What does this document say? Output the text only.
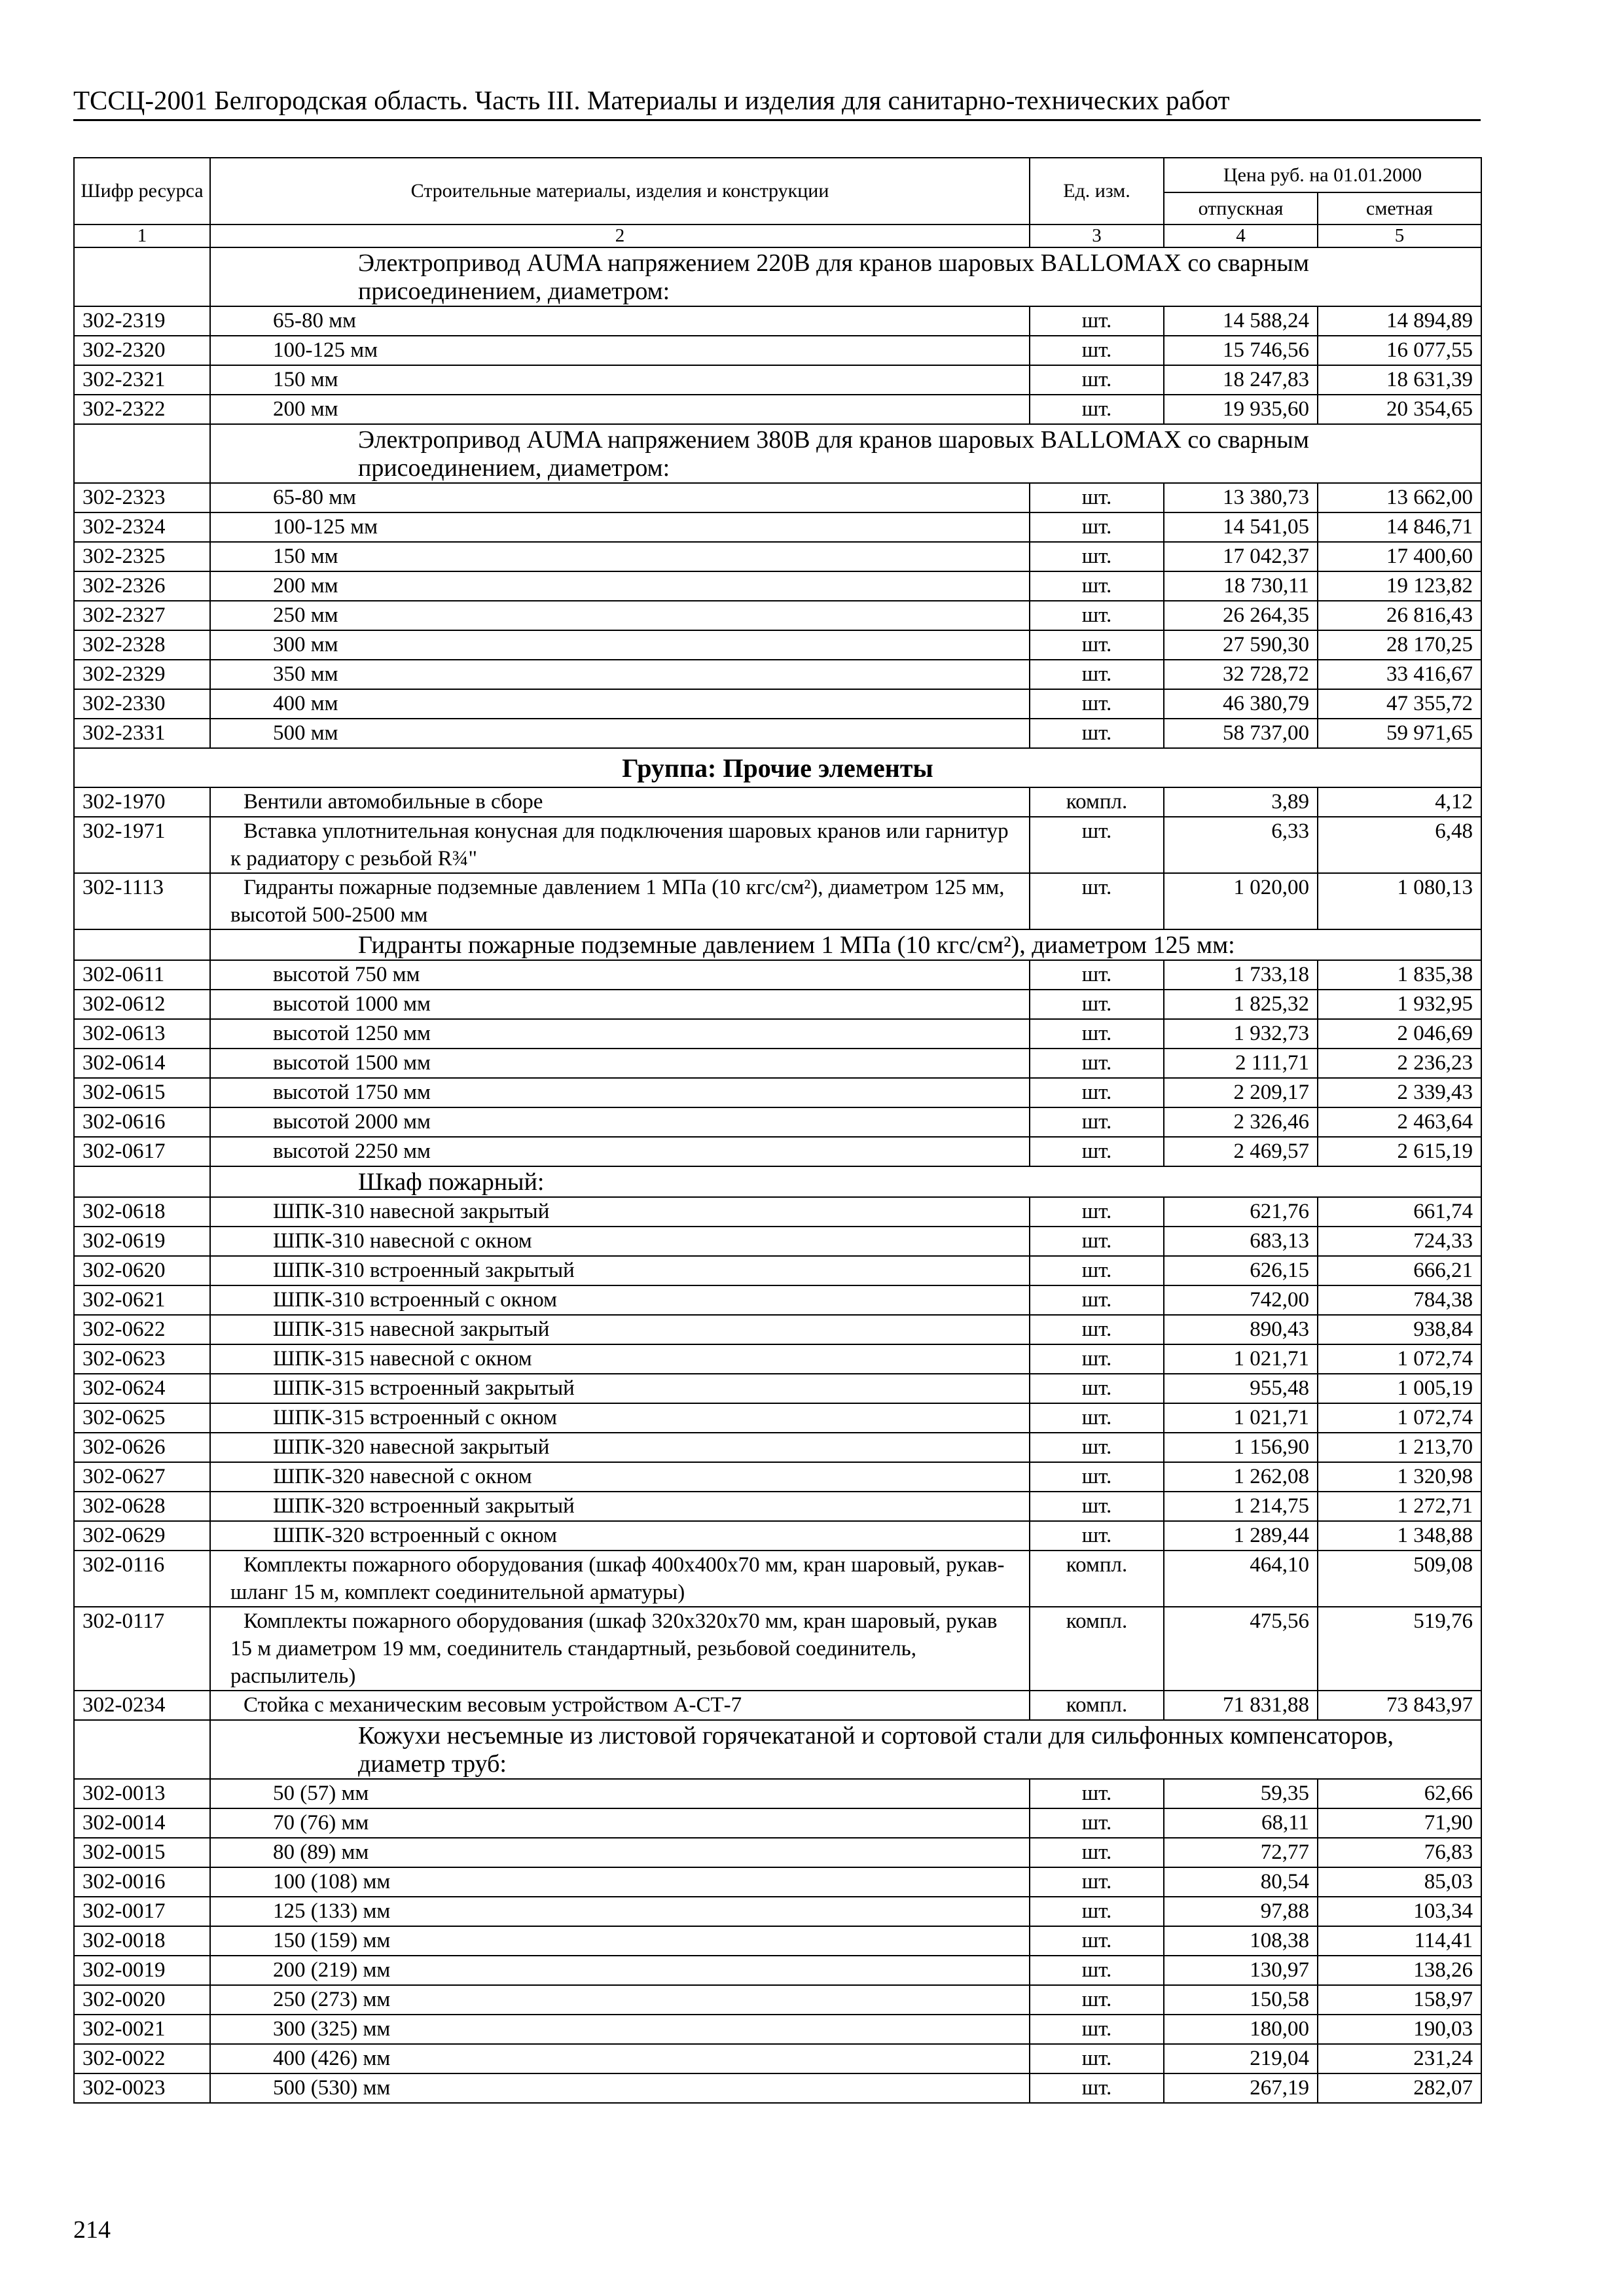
ТССЦ-2001 Белгородская область. Часть III. Материалы и изделия для санитарно-технических работ
Шифр ресурса	Строительные материалы, изделия и конструкции	Ед. изм.	Цена руб. на 01.01.2000	
			отпускная	сметная
1	2	3	4	5
	Электропривод AUMA напряжением 220В для кранов шаровых BALLOMAX со сварным присоединением, диаметром:			
302-2319	65-80 мм	шт.	14 588,24	14 894,89
302-2320	100-125 мм	шт.	15 746,56	16 077,55
302-2321	150 мм	шт.	18 247,83	18 631,39
302-2322	200 мм	шт.	19 935,60	20 354,65
	Электропривод AUMA напряжением 380В для кранов шаровых BALLOMAX со сварным присоединением, диаметром:			
302-2323	65-80 мм	шт.	13 380,73	13 662,00
302-2324	100-125 мм	шт.	14 541,05	14 846,71
302-2325	150 мм	шт.	17 042,37	17 400,60
302-2326	200 мм	шт.	18 730,11	19 123,82
302-2327	250 мм	шт.	26 264,35	26 816,43
302-2328	300 мм	шт.	27 590,30	28 170,25
302-2329	350 мм	шт.	32 728,72	33 416,67
302-2330	400 мм	шт.	46 380,79	47 355,72
302-2331	500 мм	шт.	58 737,00	59 971,65
Группа: Прочие элементы				
302-1970	Вентили автомобильные в сборе	компл.	3,89	4,12
302-1971	Вставка уплотнительная конусная для подключения шаровых кранов или гарнитур к радиатору с резьбой R¾"	шт.	6,33	6,48
302-1113	Гидранты пожарные подземные давлением 1 МПа (10 кгс/см²), диаметром 125 мм, высотой 500-2500 мм	шт.	1 020,00	1 080,13
	Гидранты пожарные подземные давлением 1 МПа (10 кгс/см²), диаметром 125 мм:			
302-0611	высотой 750 мм	шт.	1 733,18	1 835,38
302-0612	высотой 1000 мм	шт.	1 825,32	1 932,95
302-0613	высотой 1250 мм	шт.	1 932,73	2 046,69
302-0614	высотой 1500 мм	шт.	2 111,71	2 236,23
302-0615	высотой 1750 мм	шт.	2 209,17	2 339,43
302-0616	высотой 2000 мм	шт.	2 326,46	2 463,64
302-0617	высотой 2250 мм	шт.	2 469,57	2 615,19
	Шкаф пожарный:			
302-0618	ШПК-310 навесной закрытый	шт.	621,76	661,74
302-0619	ШПК-310 навесной с окном	шт.	683,13	724,33
302-0620	ШПК-310 встроенный закрытый	шт.	626,15	666,21
302-0621	ШПК-310 встроенный с окном	шт.	742,00	784,38
302-0622	ШПК-315 навесной закрытый	шт.	890,43	938,84
302-0623	ШПК-315 навесной с окном	шт.	1 021,71	1 072,74
302-0624	ШПК-315 встроенный закрытый	шт.	955,48	1 005,19
302-0625	ШПК-315 встроенный с окном	шт.	1 021,71	1 072,74
302-0626	ШПК-320 навесной закрытый	шт.	1 156,90	1 213,70
302-0627	ШПК-320 навесной с окном	шт.	1 262,08	1 320,98
302-0628	ШПК-320 встроенный закрытый	шт.	1 214,75	1 272,71
302-0629	ШПК-320 встроенный с окном	шт.	1 289,44	1 348,88
302-0116	Комплекты пожарного оборудования (шкаф 400х400х70 мм, кран шаровый, рукав-шланг 15 м, комплект соединительной арматуры)	компл.	464,10	509,08
302-0117	Комплекты пожарного оборудования (шкаф 320х320х70 мм, кран шаровый, рукав 15 м диаметром 19 мм, соединитель стандартный, резьбовой соединитель, распылитель)	компл.	475,56	519,76
302-0234	Стойка с механическим весовым устройством А-СТ-7	компл.	71 831,88	73 843,97
	Кожухи несъемные из листовой горячекатаной и сортовой стали для сильфонных компенсаторов, диаметр труб:			
302-0013	50 (57) мм	шт.	59,35	62,66
302-0014	70 (76) мм	шт.	68,11	71,90
302-0015	80 (89) мм	шт.	72,77	76,83
302-0016	100 (108) мм	шт.	80,54	85,03
302-0017	125 (133) мм	шт.	97,88	103,34
302-0018	150 (159) мм	шт.	108,38	114,41
302-0019	200 (219) мм	шт.	130,97	138,26
302-0020	250 (273) мм	шт.	150,58	158,97
302-0021	300 (325) мм	шт.	180,00	190,03
302-0022	400 (426) мм	шт.	219,04	231,24
302-0023	500 (530) мм	шт.	267,19	282,07
214
